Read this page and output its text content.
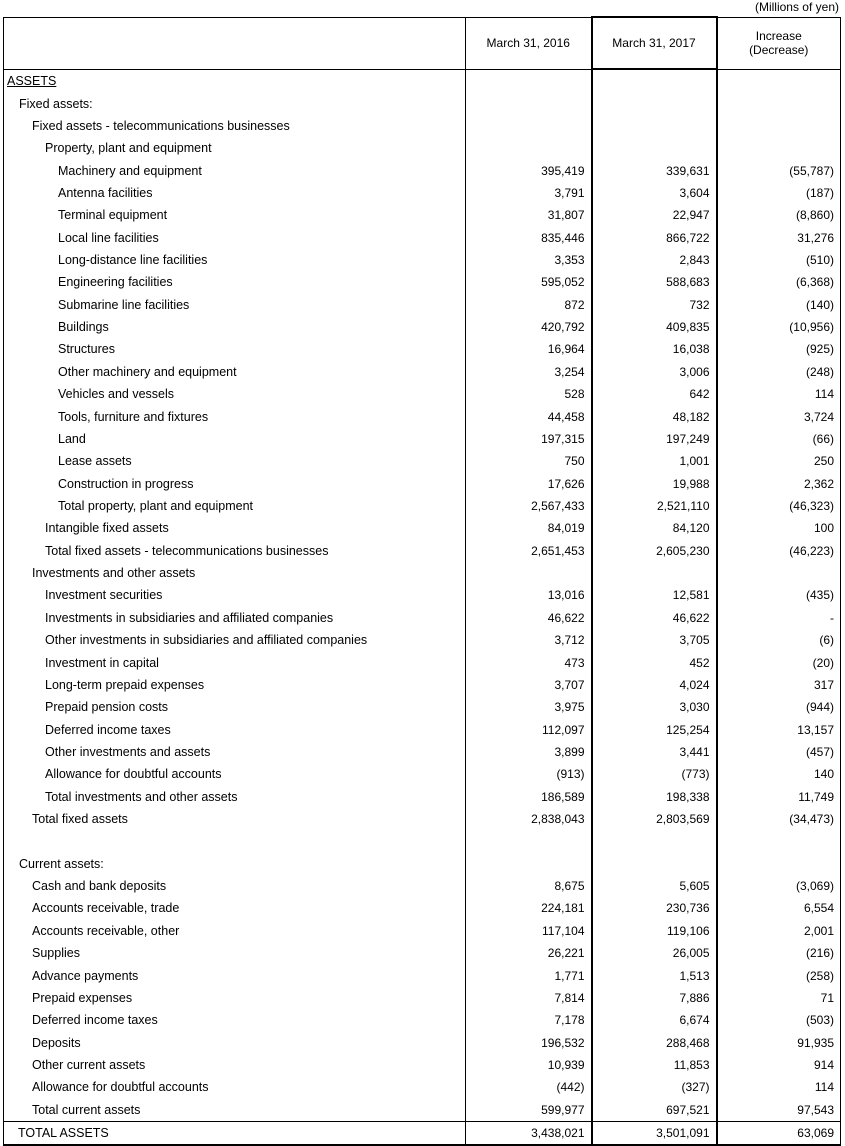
(Millions of yen)
	March 31, 2016	March 31, 2017	Increase
(Decrease)
ASSETS			
Fixed assets:			
Fixed assets - telecommunications businesses			
Property, plant and equipment			
Machinery and equipment	395,419	339,631	(55,787)
Antenna facilities	3,791	3,604	(187)
Terminal equipment	31,807	22,947	(8,860)
Local line facilities	835,446	866,722	31,276
Long-distance line facilities	3,353	2,843	(510)
Engineering facilities	595,052	588,683	(6,368)
Submarine line facilities	872	732	(140)
Buildings	420,792	409,835	(10,956)
Structures	16,964	16,038	(925)
Other machinery and equipment	3,254	3,006	(248)
Vehicles and vessels	528	642	114
Tools, furniture and fixtures	44,458	48,182	3,724
Land	197,315	197,249	(66)
Lease assets	750	1,001	250
Construction in progress	17,626	19,988	2,362
Total property, plant and equipment	2,567,433	2,521,110	(46,323)
Intangible fixed assets	84,019	84,120	100
Total fixed assets - telecommunications businesses	2,651,453	2,605,230	(46,223)
Investments and other assets			
Investment securities	13,016	12,581	(435)
Investments in subsidiaries and affiliated companies	46,622	46,622	-
Other investments in subsidiaries and affiliated companies	3,712	3,705	(6)
Investment in capital	473	452	(20)
Long-term prepaid expenses	3,707	4,024	317
Prepaid pension costs	3,975	3,030	(944)
Deferred income taxes	112,097	125,254	13,157
Other investments and assets	3,899	3,441	(457)
Allowance for doubtful accounts	(913)	(773)	140
Total investments and other assets	186,589	198,338	11,749
Total fixed assets	2,838,043	2,803,569	(34,473)

Current assets:			
Cash and bank deposits	8,675	5,605	(3,069)
Accounts receivable, trade	224,181	230,736	6,554
Accounts receivable, other	117,104	119,106	2,001
Supplies	26,221	26,005	(216)
Advance payments	1,771	1,513	(258)
Prepaid expenses	7,814	7,886	71
Deferred income taxes	7,178	6,674	(503)
Deposits	196,532	288,468	91,935
Other current assets	10,939	11,853	914
Allowance for doubtful accounts	(442)	(327)	114
Total current assets	599,977	697,521	97,543
TOTAL ASSETS	3,438,021	3,501,091	63,069
